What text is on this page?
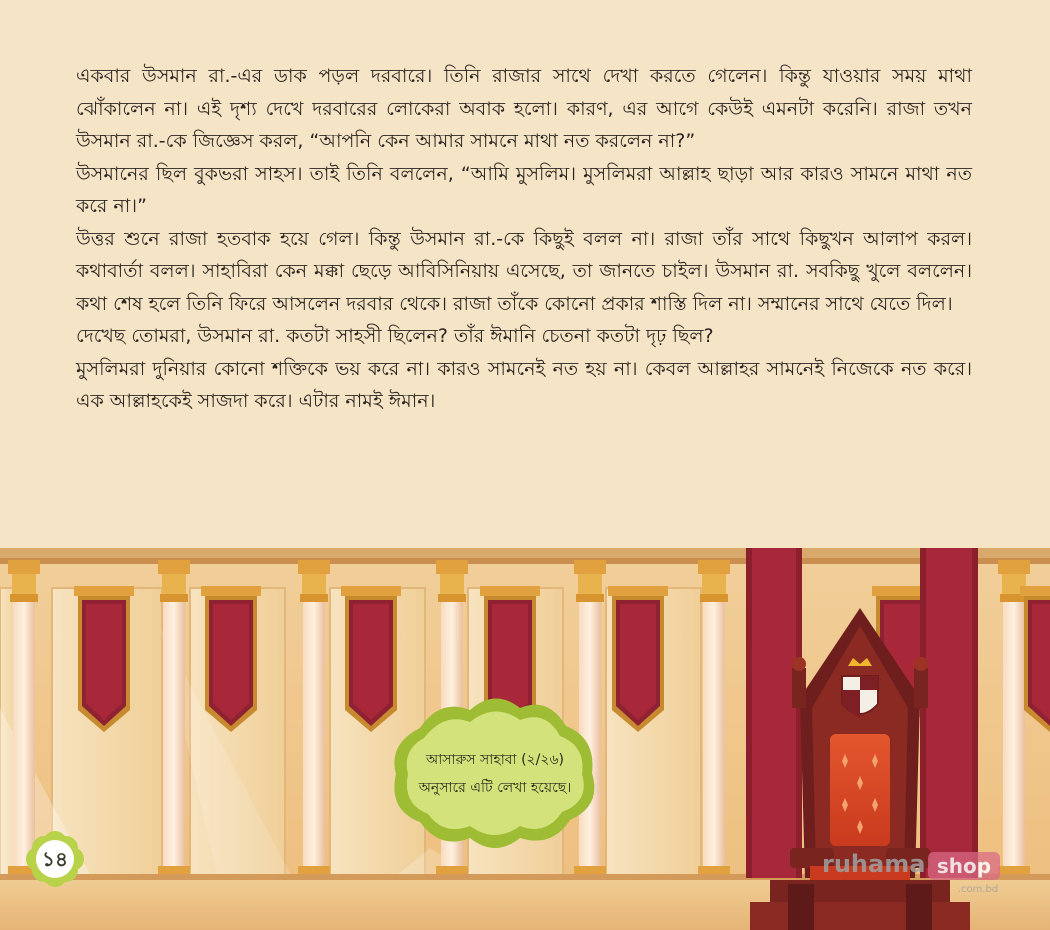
একবার উসমান রা.-এর ডাক পড়ল দরবারে। তিনি রাজার সাথে দেখা করতে গেলেন। কিন্তু যাওয়ার সময় মাথা ঝোঁকালেন না। এই দৃশ্য দেখে দরবারের লোকেরা অবাক হলো। কারণ, এর আগে কেউই এমনটা করেনি। রাজা তখন উসমান রা.-কে জিজ্ঞেস করল, “আপনি কেন আমার সামনে মাথা নত করলেন না?”

উসমানের ছিল বুকভরা সাহস। তাই তিনি বললেন, “আমি মুসলিম। মুসলিমরা আল্লাহ ছাড়া আর কারও সামনে মাথা নত করে না।”

উত্তর শুনে রাজা হতবাক হয়ে গেল। কিন্তু উসমান রা.-কে কিছুই বলল না। রাজা তাঁর সাথে কিছুখন আলাপ করল। কথাবার্তা বলল। সাহাবিরা কেন মক্কা ছেড়ে আবিসিনিয়ায় এসেছে, তা জানতে চাইল। উসমান রা. সবকিছু খুলে বললেন। কথা শেষ হলে তিনি ফিরে আসলেন দরবার থেকে। রাজা তাঁকে কোনো প্রকার শাস্তি দিল না। সম্মানের সাথে যেতে দিল।

দেখেছ তোমরা, উসমান রা. কতটা সাহসী ছিলেন? তাঁর ঈমানি চেতনা কতটা দৃঢ় ছিল?

মুসলিমরা দুনিয়ার কোনো শক্তিকে ভয় করে না। কারও সামনেই নত হয় না। কেবল আল্লাহর সামনেই নিজেকে নত করে। এক আল্লাহকেই সাজদা করে। এটার নামই ঈমান।

আসারুস সাহাবা (২/২৬)
অনুসারে এটি লেখা হয়েছে।
১৪	ruhama shop
.com.bd
